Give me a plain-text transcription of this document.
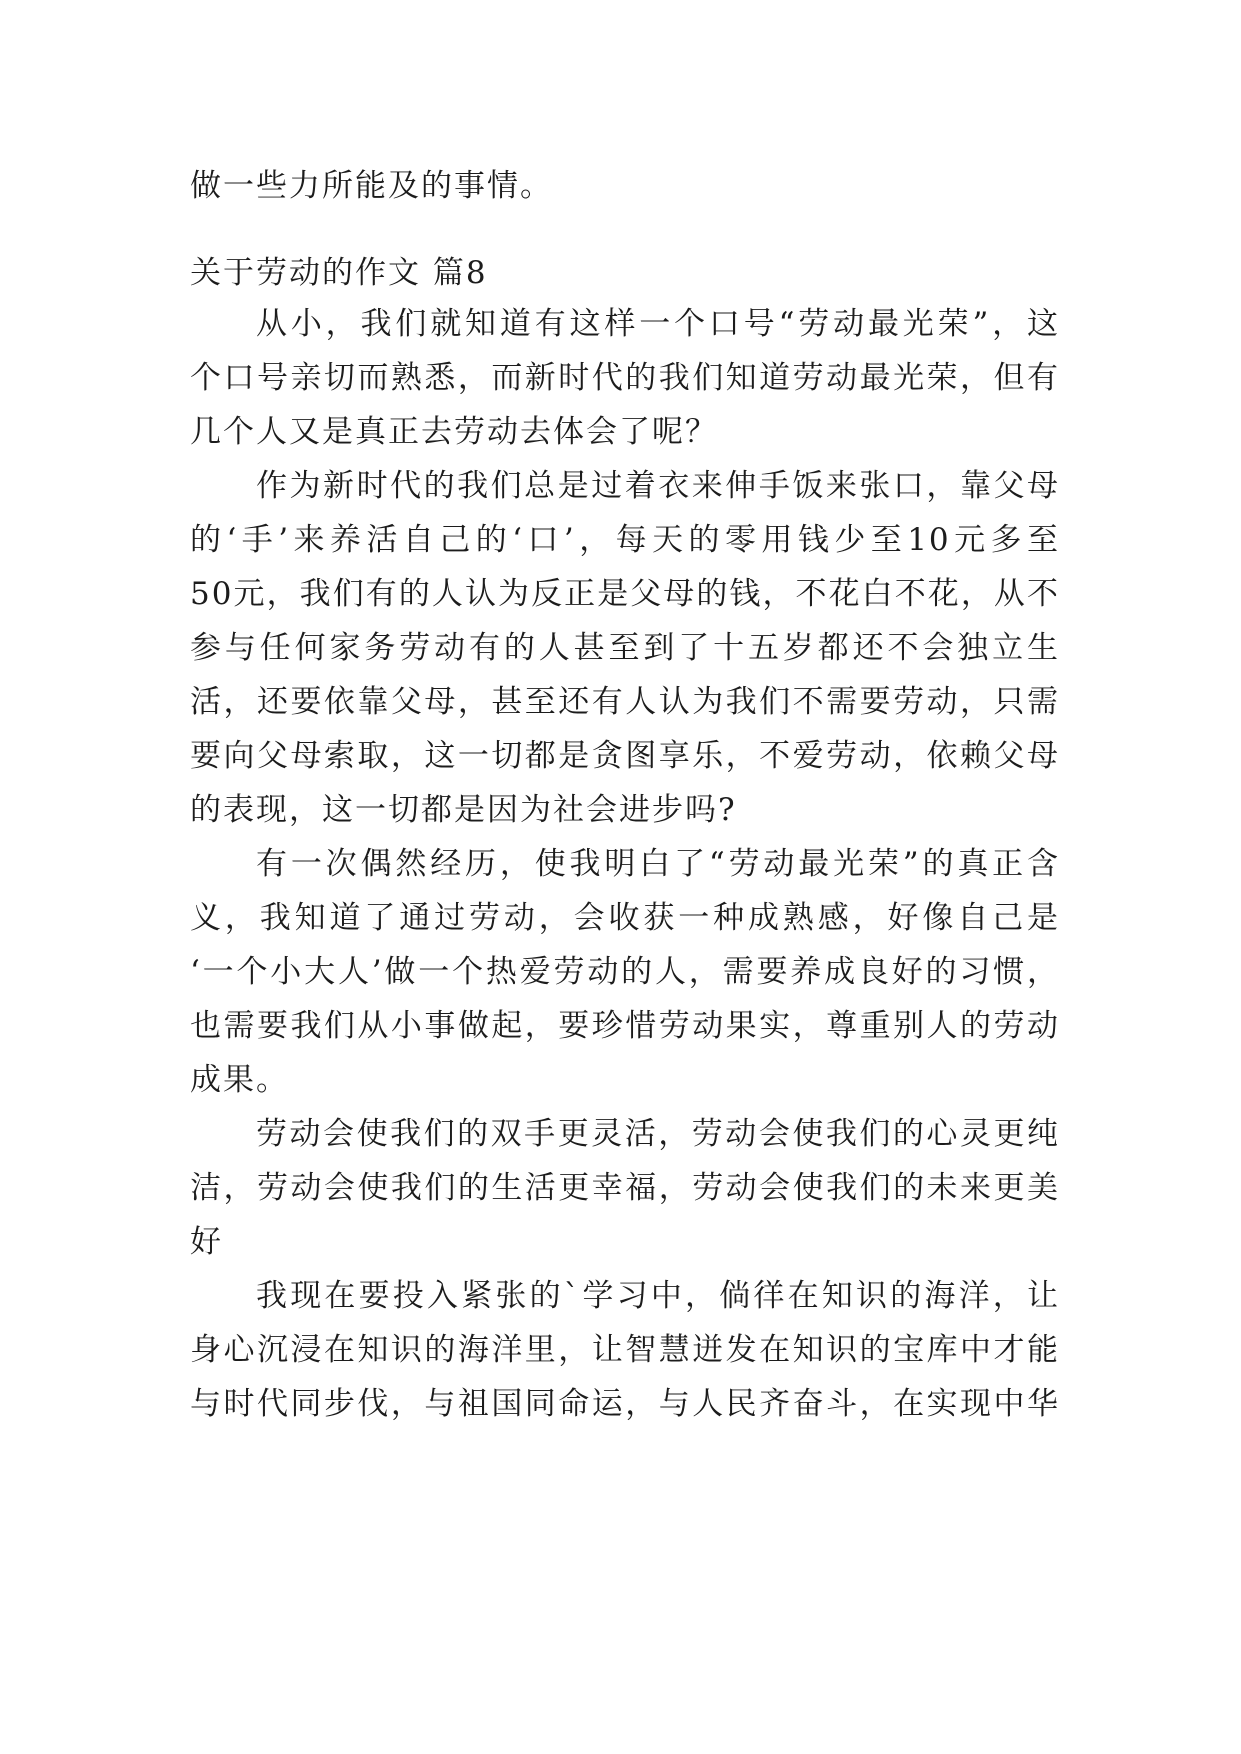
做一些力所能及的事情。
关于劳动的作文 篇8
从小，我们就知道有这样一个口号“劳动最光荣”，这
个口号亲切而熟悉，而新时代的我们知道劳动最光荣，但有
几个人又是真正去劳动去体会了呢？
作为新时代的我们总是过着衣来伸手饭来张口，靠父母
的‘手’来养活自己的‘口’，每天的零用钱少至10元多至
50元，我们有的人认为反正是父母的钱，不花白不花，从不
参与任何家务劳动有的人甚至到了十五岁都还不会独立生
活，还要依靠父母，甚至还有人认为我们不需要劳动，只需
要向父母索取，这一切都是贪图享乐，不爱劳动，依赖父母
的表现，这一切都是因为社会进步吗?
有一次偶然经历，使我明白了“劳动最光荣”的真正含
义，我知道了通过劳动，会收获一种成熟感，好像自己是
‘一个小大人’做一个热爱劳动的人，需要养成良好的习惯，
也需要我们从小事做起，要珍惜劳动果实，尊重别人的劳动
成果。
劳动会使我们的双手更灵活，劳动会使我们的心灵更纯
洁，劳动会使我们的生活更幸福，劳动会使我们的未来更美
好
我现在要投入紧张的`学习中，倘徉在知识的海洋，让
身心沉浸在知识的海洋里，让智慧迸发在知识的宝库中才能
与时代同步伐，与祖国同命运，与人民齐奋斗，在实现中华
